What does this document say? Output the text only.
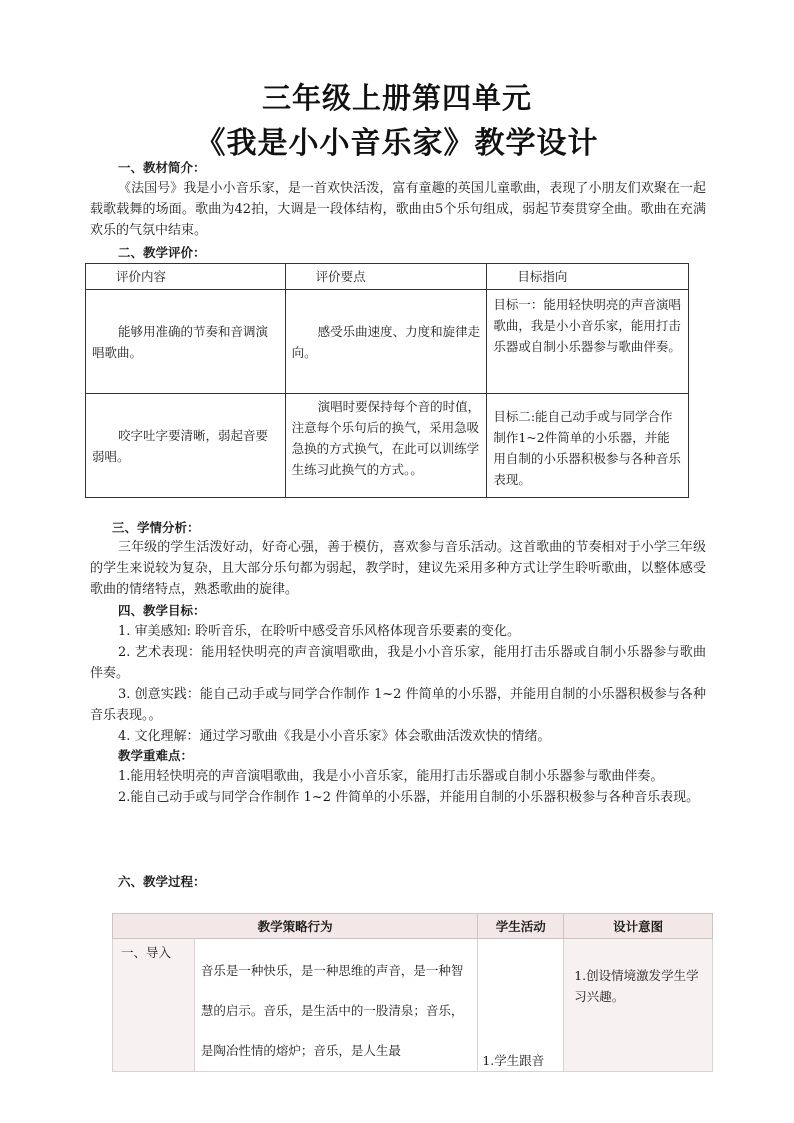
三年级上册第四单元
《我是小小音乐家》教学设计
一、教材简介：
《法国号》我是小小音乐家，是一首欢快活泼，富有童趣的英国儿童歌曲，表现了小朋友们欢聚在一起载歌载舞的场面。歌曲为42拍，大调是一段体结构，歌曲由5个乐句组成，弱起节奏贯穿全曲。歌曲在充满欢乐的气氛中结束。
二、教学评价：
评价内容	评价要点	目标指向
能够用准确的节奏和音调演唱歌曲。	感受乐曲速度、力度和旋律走向。	目标一：能用轻快明亮的声音演唱歌曲，我是小小音乐家，能用打击乐器或自制小乐器参与歌曲伴奏。
咬字吐字要清晰，弱起音要弱唱。	演唱时要保持每个音的时值，注意每个乐句后的换气，采用急吸急换的方式换气，在此可以训练学生练习此换气的方式。。	目标二:能自己动手或与同学合作制作1~2件简单的小乐器，并能用自制的小乐器积极参与各种音乐表现。
三、学情分析：
三年级的学生活泼好动，好奇心强，善于模仿，喜欢参与音乐活动。这首歌曲的节奏相对于小学三年级的学生来说较为复杂，且大部分乐句都为弱起，教学时，建议先采用多种方式让学生聆听歌曲，以整体感受歌曲的情绪特点，熟悉歌曲的旋律。
四、教学目标：
1. 审美感知: 聆听音乐，在聆听中感受音乐风格体现音乐要素的变化。
2. 艺术表现：能用轻快明亮的声音演唱歌曲，我是小小音乐家，能用打击乐器或自制小乐器参与歌曲伴奏。
3. 创意实践：能自己动手或与同学合作制作 1~2 件简单的小乐器，并能用自制的小乐器积极参与各种音乐表现。。
4. 文化理解：通过学习歌曲《我是小小音乐家》体会歌曲活泼欢快的情绪。
教学重难点：
1.能用轻快明亮的声音演唱歌曲，我是小小音乐家，能用打击乐器或自制小乐器参与歌曲伴奏。
2.能自己动手或与同学合作制作 1~2 件简单的小乐器，并能用自制的小乐器积极参与各种音乐表现。
六、教学过程：
教学策略行为		学生活动	设计意图
一、导入	音乐是一种快乐，是一种思维的声音，是一种智慧的启示。音乐，是生活中的一股清泉；音乐，是陶冶性情的熔炉；音乐，是人生最	1.学生跟音	1.创设情境激发学生学习兴趣。
